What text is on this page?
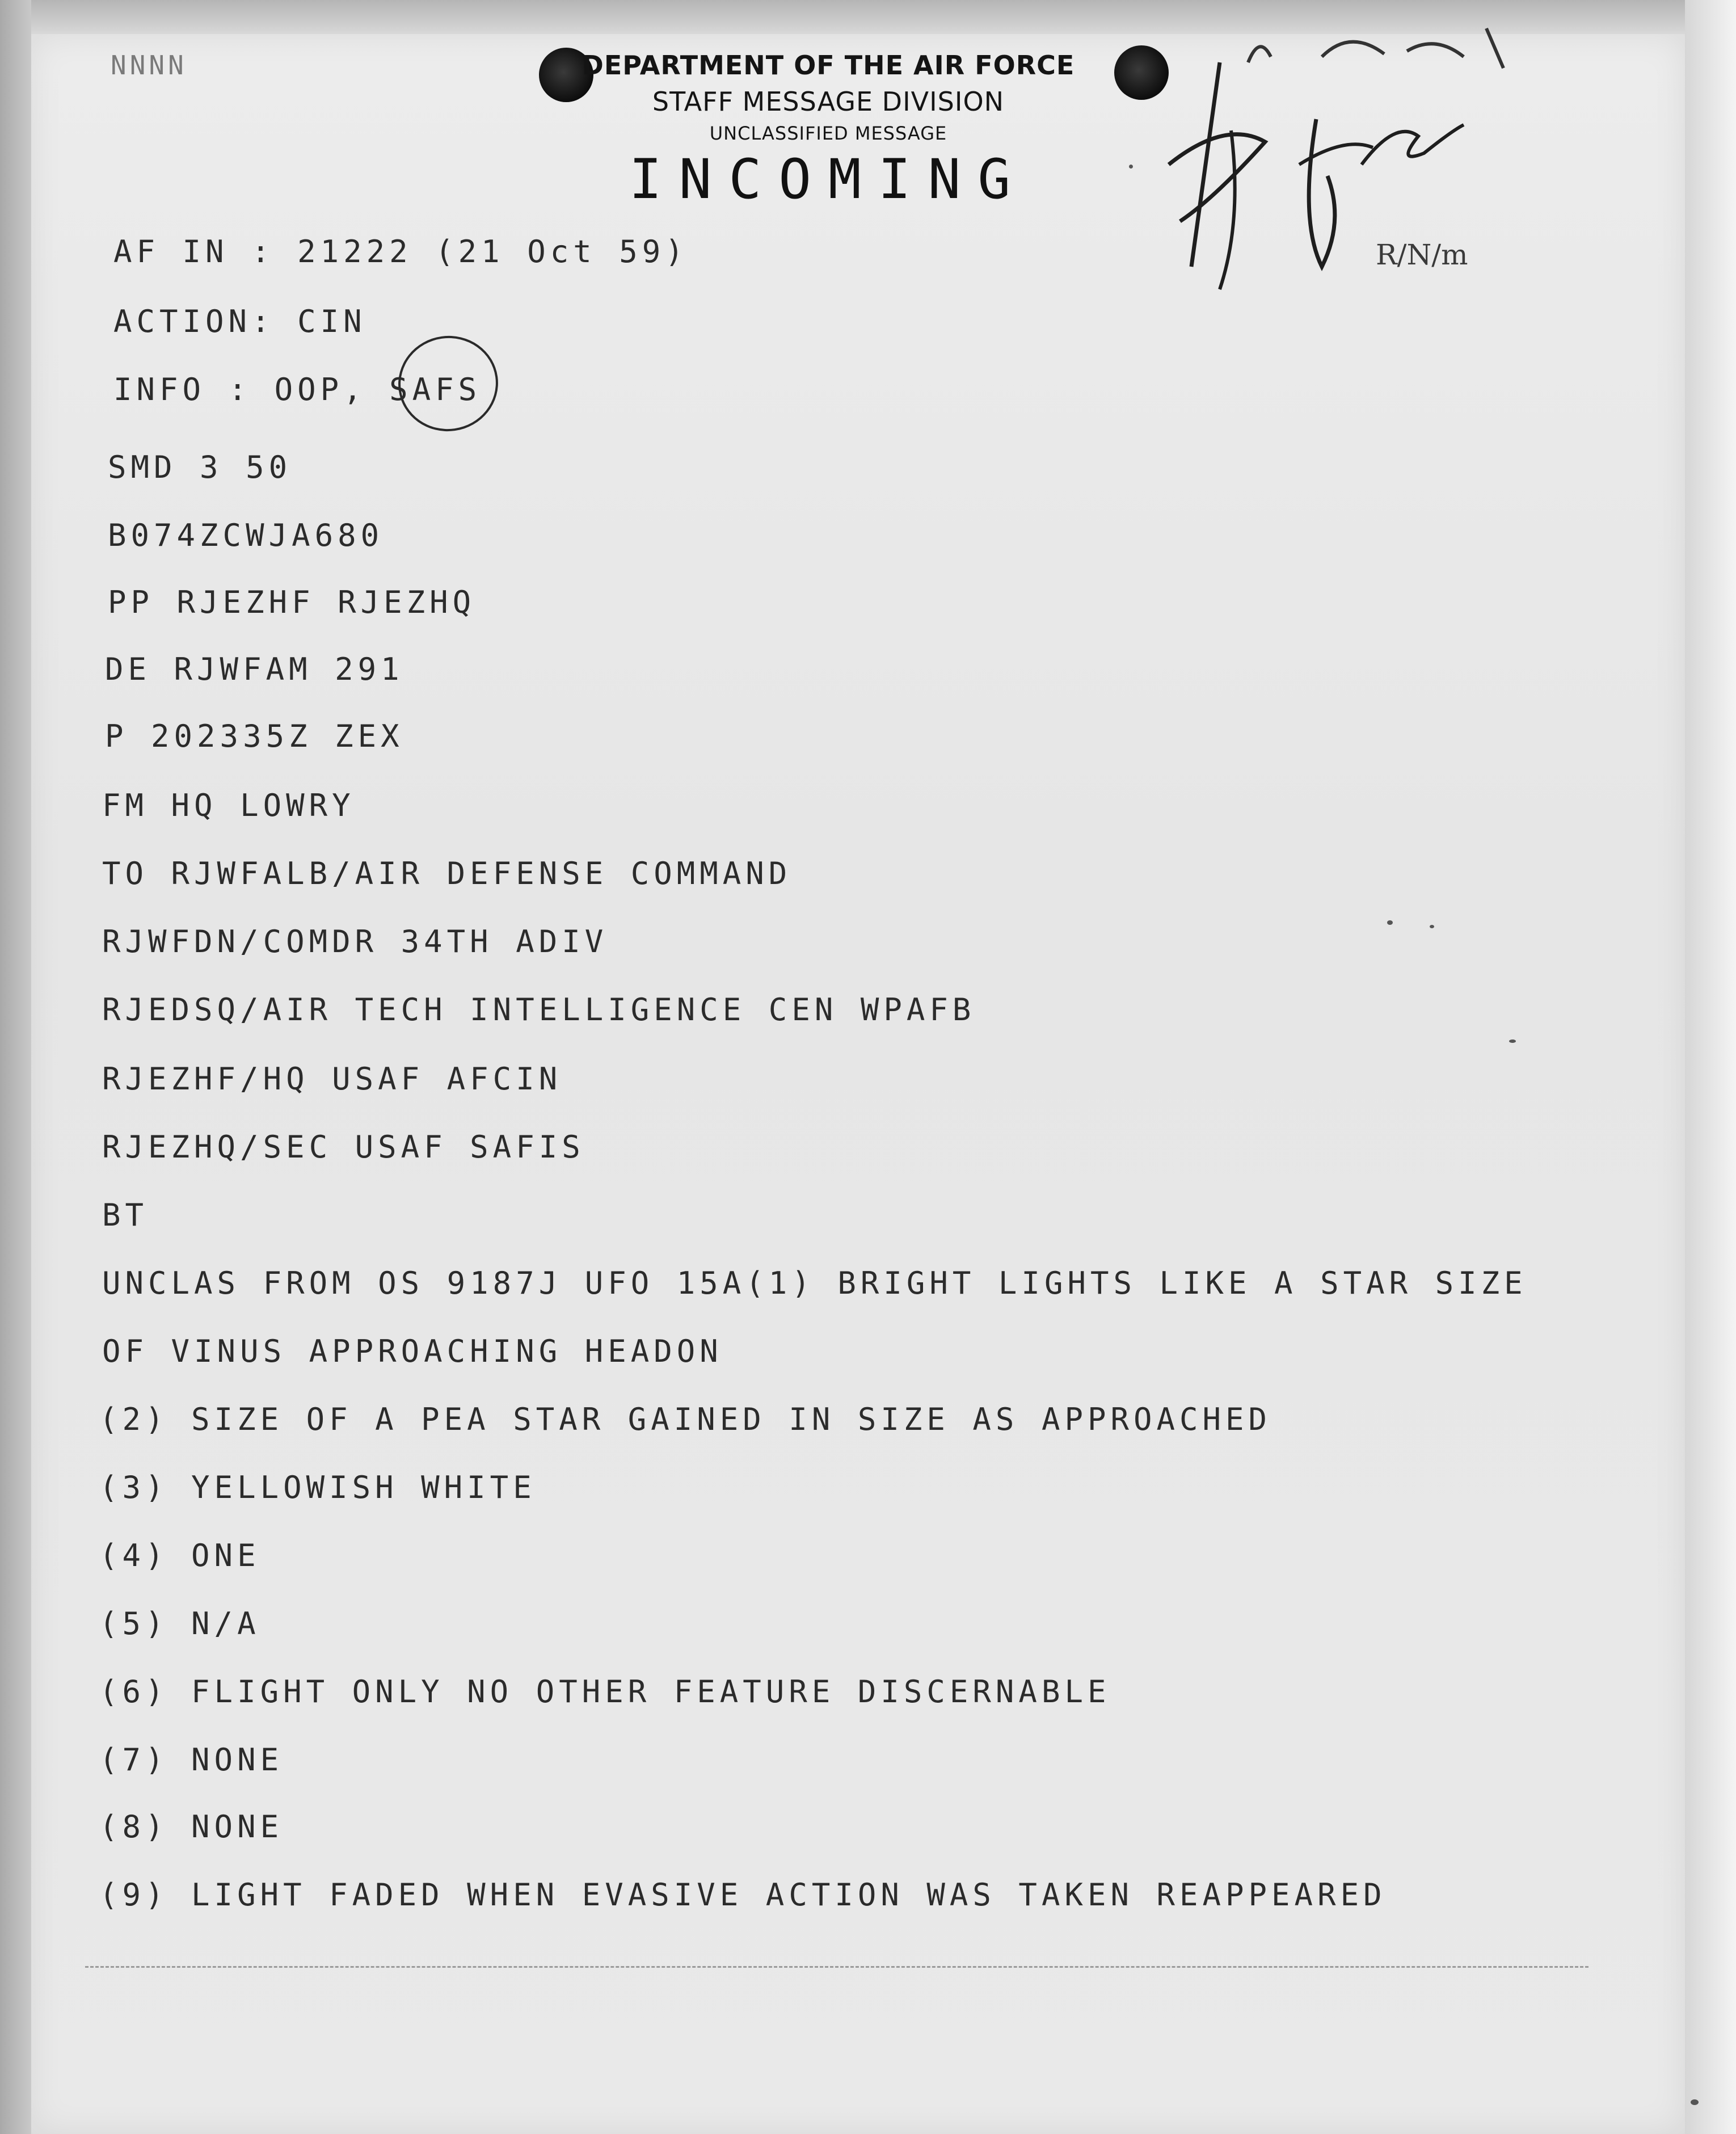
NNNN	DEPARTMENT OF THE AIR FORCE
STAFF MESSAGE DIVISION
UNCLASSIFIED MESSAGE
INCOMING
R/N/m
AF IN : 21222 (21 Oct 59)
ACTION: CIN
INFO : OOP, SAFS
SMD 3 50
B074ZCWJA680
PP RJEZHF RJEZHQ
DE RJWFAM 291
P 202335Z ZEX
FM HQ LOWRY
TO RJWFALB/AIR DEFENSE COMMAND
RJWFDN/COMDR 34TH ADIV
RJEDSQ/AIR TECH INTELLIGENCE CEN WPAFB
RJEZHF/HQ USAF AFCIN
RJEZHQ/SEC USAF SAFIS
BT
UNCLAS FROM OS 9187J UFO 15A(1) BRIGHT LIGHTS LIKE A STAR SIZE
OF VINUS APPROACHING HEADON
(2) SIZE OF A PEA STAR GAINED IN SIZE AS APPROACHED
(3) YELLOWISH WHITE
(4) ONE
(5) N/A
(6) FLIGHT ONLY NO OTHER FEATURE DISCERNABLE
(7) NONE
(8) NONE
(9) LIGHT FADED WHEN EVASIVE ACTION WAS TAKEN REAPPEARED
